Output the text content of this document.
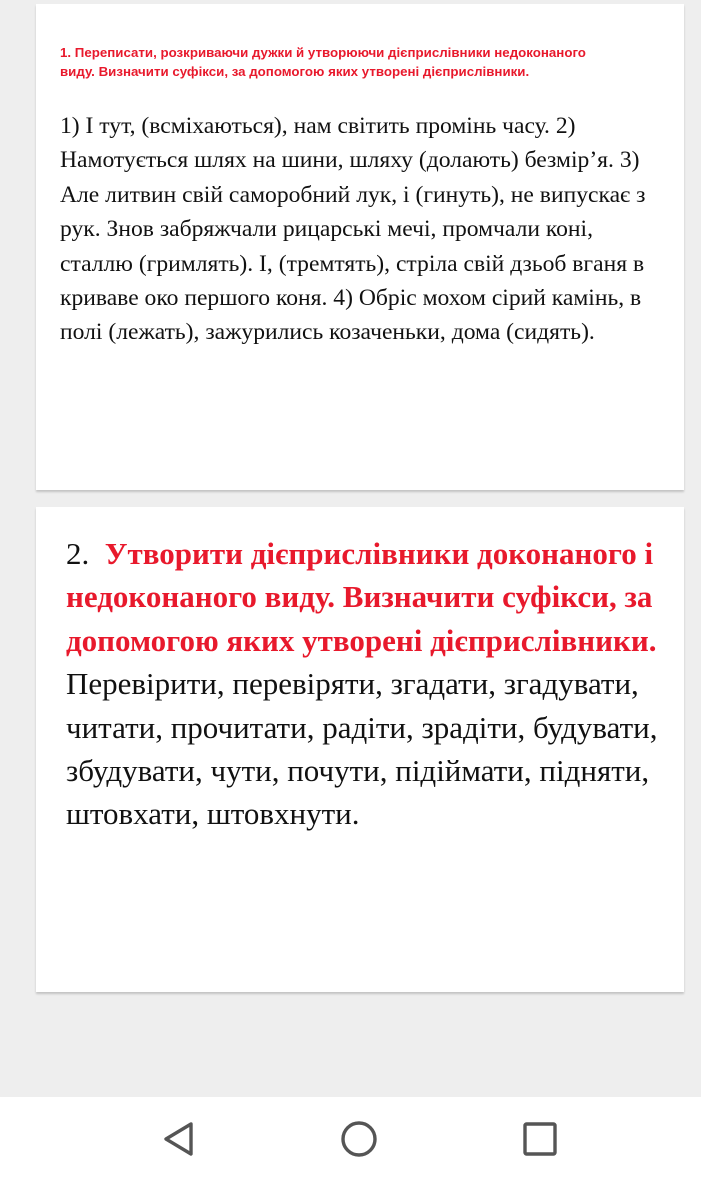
1. Переписати, розкриваючи дужки й утворюючи дієприслівники недоконаного виду. Визначити суфікси, за допомогою яких утворені дієприслівники.
1) І тут, (всміхаються), нам світить промінь часу. 2) Намотується шлях на шини, шляху (долають) безмір’я. 3) Але литвин свій саморобний лук, і (гинуть), не випускає з рук. Знов забряжчали рицарські мечі, промчали коні, сталлю (гримлять). І, (тремтять), стріла свій дзьоб вганя в криваве око першого коня. 4) Обріс мохом сірий камінь, в полі (лежать), зажурились козаченьки, дома (сидять).
2. Утворити дієприслівники доконаного і недоконаного виду. Визначити суфікси, за допомогою яких утворені дієприслівники. Перевірити, перевіряти, згадати, згадувати, читати, прочитати, радіти, зрадіти, будувати, збудувати, чути, почути, підіймати, підняти, штовхати, штовхнути.
